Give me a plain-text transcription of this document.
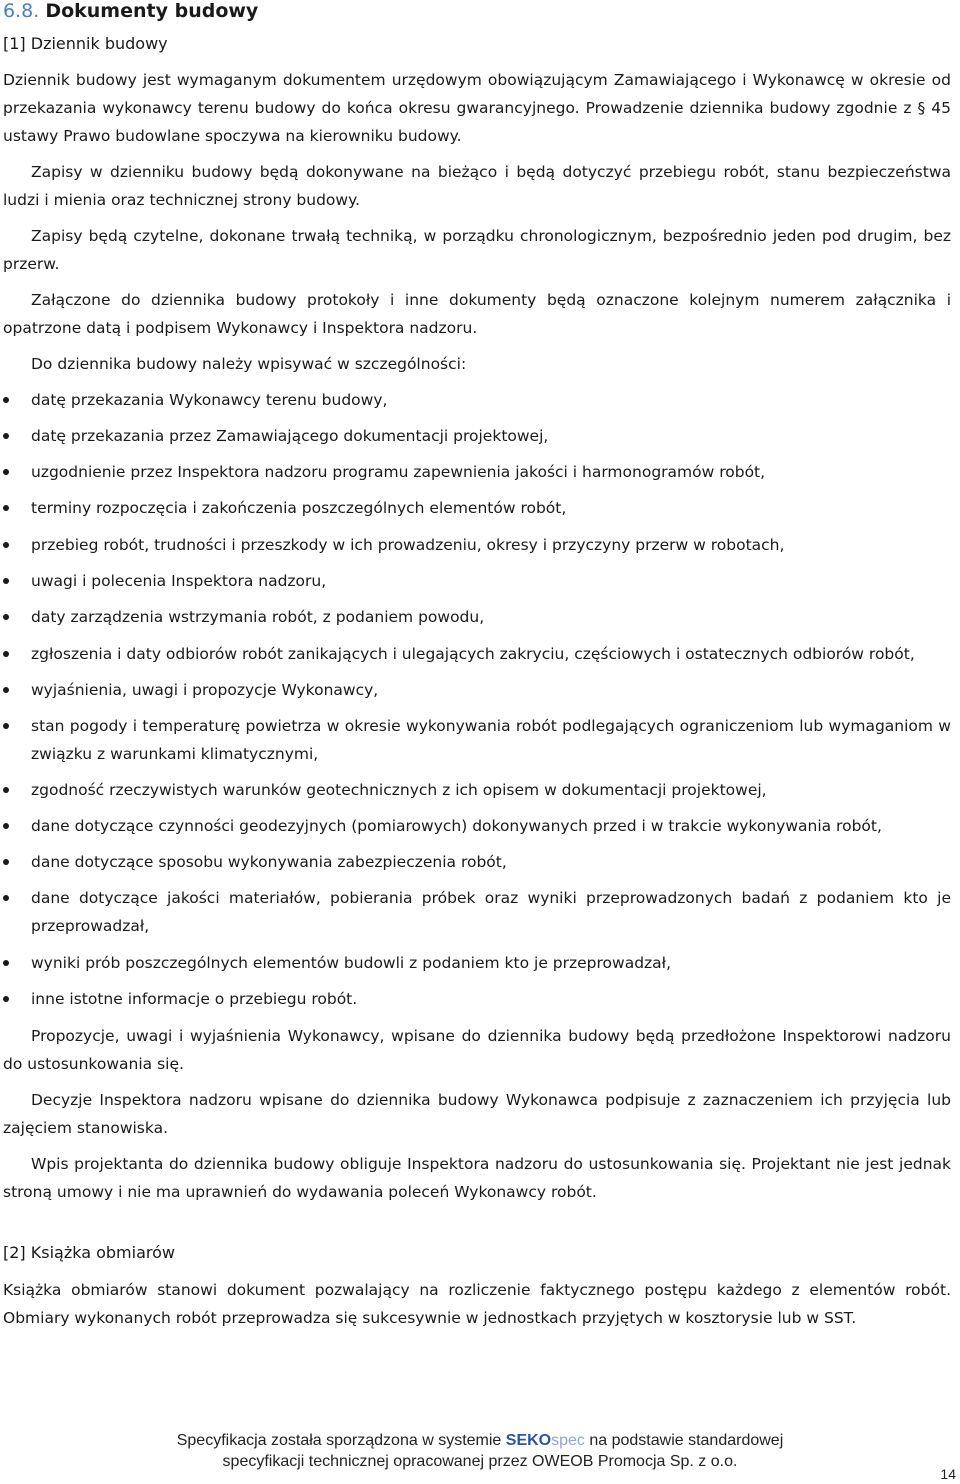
6.8. Dokumenty budowy
[1] Dziennik budowy
Dziennik budowy jest wymaganym dokumentem urzędowym obowiązującym Zamawiającego i Wykonawcę w okresie od przekazania wykonawcy terenu budowy do końca okresu gwarancyjnego. Prowadzenie dziennika budowy zgodnie z § 45 ustawy Prawo budowlane spoczywa na kierowniku budowy.
Zapisy w dzienniku budowy będą dokonywane na bieżąco i będą dotyczyć przebiegu robót, stanu bezpieczeństwa ludzi i mienia oraz technicznej strony budowy.
Zapisy będą czytelne, dokonane trwałą techniką, w porządku chronologicznym, bezpośrednio jeden pod drugim, bez przerw.
Załączone do dziennika budowy protokoły i inne dokumenty będą oznaczone kolejnym numerem załącznika i opatrzone datą i podpisem Wykonawcy i Inspektora nadzoru.
Do dziennika budowy należy wpisywać w szczególności:
datę przekazania Wykonawcy terenu budowy,
datę przekazania przez Zamawiającego dokumentacji projektowej,
uzgodnienie przez Inspektora nadzoru programu zapewnienia jakości i harmonogramów robót,
terminy rozpoczęcia i zakończenia poszczególnych elementów robót,
przebieg robót, trudności i przeszkody w ich prowadzeniu, okresy i przyczyny przerw w robotach,
uwagi i polecenia Inspektora nadzoru,
daty zarządzenia wstrzymania robót, z podaniem powodu,
zgłoszenia i daty odbiorów robót zanikających i ulegających zakryciu, częściowych i ostatecznych odbiorów robót,
wyjaśnienia, uwagi i propozycje Wykonawcy,
stan pogody i temperaturę powietrza w okresie wykonywania robót podlegających ograniczeniom lub wymaganiom w związku z warunkami klimatycznymi,
zgodność rzeczywistych warunków geotechnicznych z ich opisem w dokumentacji projektowej,
dane dotyczące czynności geodezyjnych (pomiarowych) dokonywanych przed i w trakcie wykonywania robót,
dane dotyczące sposobu wykonywania zabezpieczenia robót,
dane dotyczące jakości materiałów, pobierania próbek oraz wyniki przeprowadzonych badań z podaniem kto je przeprowadzał,
wyniki prób poszczególnych elementów budowli z podaniem kto je przeprowadzał,
inne istotne informacje o przebiegu robót.
Propozycje, uwagi i wyjaśnienia Wykonawcy, wpisane do dziennika budowy będą przedłożone Inspektorowi nadzoru do ustosunkowania się.
Decyzje Inspektora nadzoru wpisane do dziennika budowy Wykonawca podpisuje z zaznaczeniem ich przyjęcia lub zajęciem stanowiska.
Wpis projektanta do dziennika budowy obliguje Inspektora nadzoru do ustosunkowania się. Projektant nie jest jednak stroną umowy i nie ma uprawnień do wydawania poleceń Wykonawcy robót.
[2] Książka obmiarów
Książka obmiarów stanowi dokument pozwalający na rozliczenie faktycznego postępu każdego z elementów robót. Obmiary wykonanych robót przeprowadza się sukcesywnie w jednostkach przyjętych w kosztorysie lub w SST.
Specyfikacja została sporządzona w systemie SEKOspec na podstawie standardowej
specyfikacji technicznej opracowanej przez OWEOB Promocja Sp. z o.o.
14
